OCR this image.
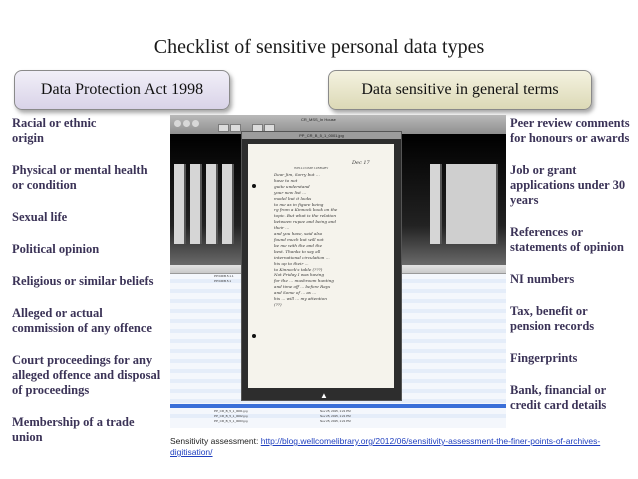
Checklist of sensitive personal data types
Data Protection Act 1998	Data sensitive in general terms
Racial or ethnic
origin
Physical or mental health
or condition
Sexual life
Political opinion
Religious or similar beliefs
Alleged or actual
commission of any offence
Court proceedings for any
alleged offence and disposal
of proceedings
Membership of a trade
union
Peer review comments
for honours or awards
Job or grant
applications under 30
years
References or
statements of opinion
NI numbers
Tax, benefit or
pension records
Fingerprints
Bank, financial or
credit card details
CR_MSS_In House
PP/CR/B.5.1.1
PP/CR/B.5.1
PP_CR_B_5_1_0001.jpg	Nov 25, 2015, 1:21 PM
PP_CR_B_5_1_0002.jpg	Nov 25, 2015, 1:21 PM
PP_CR_B_5_1_0003.jpg	Nov 25, 2015, 1:21 PM
PP_CR_B_5_1_0001.jpg
WELLCOME LIBRARY
Dec 17
Dear Jim, Sorry but ...
have to not
guite understand
your new list ...
model but it looks
to me as in figure being
rg from a Kinnock book on the
topic. But what is the relation
between rupee and being and
their ...
and you have, said also
found much but will not
be me with the and the
best. Thanks to say all
international circulation ...
his up to their ...
to Kinnock's table (???)
Not Friday I was having
for the ... mushroom hunting
and time off ... before Rays
and Some of ... as ...
his ... will ... my attention
(??)
▲
Sensitivity assessment: http://blog.wellcomelibrary.org/2012/06/sensitivity-assessment-the-finer-points-of-archives-digitisation/
